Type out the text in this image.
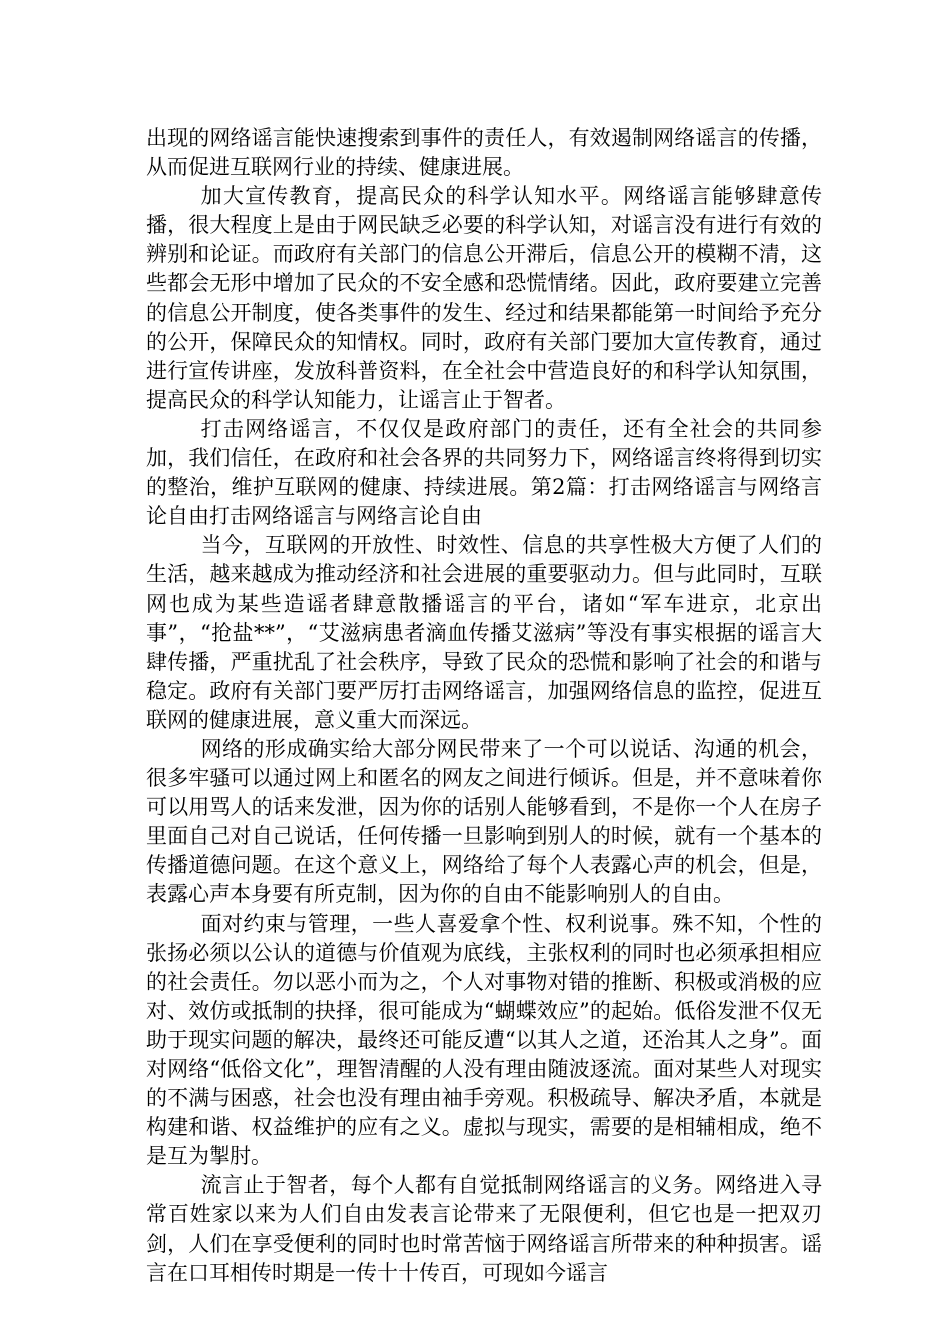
出现的网络谣言能快速搜索到事件的责任人，有效遏制网络谣言的传播，从而促进互联网行业的持续、健康进展。

加大宣传教育，提高民众的科学认知水平。网络谣言能够肆意传播，很大程度上是由于网民缺乏必要的科学认知，对谣言没有进行有效的辨别和论证。而政府有关部门的信息公开滞后，信息公开的模糊不清，这些都会无形中增加了民众的不安全感和恐慌情绪。因此，政府要建立完善的信息公开制度，使各类事件的发生、经过和结果都能第一时间给予充分的公开，保障民众的知情权。同时，政府有关部门要加大宣传教育，通过进行宣传讲座，发放科普资料，在全社会中营造良好的和科学认知氛围，提高民众的科学认知能力，让谣言止于智者。

打击网络谣言，不仅仅是政府部门的责任，还有全社会的共同参加，我们信任，在政府和社会各界的共同努力下，网络谣言终将得到切实的整治，维护互联网的健康、持续进展。第2篇：打击网络谣言与网络言论自由打击网络谣言与网络言论自由

当今，互联网的开放性、时效性、信息的共享性极大方便了人们的生活，越来越成为推动经济和社会进展的重要驱动力。但与此同时，互联网也成为某些造谣者肆意散播谣言的平台，诸如“军车进京，北京出事”，“抢盐**”，“艾滋病患者滴血传播艾滋病”等没有事实根据的谣言大肆传播，严重扰乱了社会秩序，导致了民众的恐慌和影响了社会的和谐与稳定。政府有关部门要严厉打击网络谣言，加强网络信息的监控，促进互联网的健康进展，意义重大而深远。

网络的形成确实给大部分网民带来了一个可以说话、沟通的机会，很多牢骚可以通过网上和匿名的网友之间进行倾诉。但是，并不意味着你可以用骂人的话来发泄，因为你的话别人能够看到，不是你一个人在房子里面自己对自己说话，任何传播一旦影响到别人的时候，就有一个基本的传播道德问题。在这个意义上，网络给了每个人表露心声的机会，但是，表露心声本身要有所克制，因为你的自由不能影响别人的自由。

面对约束与管理，一些人喜爱拿个性、权利说事。殊不知，个性的张扬必须以公认的道德与价值观为底线，主张权利的同时也必须承担相应的社会责任。勿以恶小而为之，个人对事物对错的推断、积极或消极的应对、效仿或抵制的抉择，很可能成为“蝴蝶效应”的起始。低俗发泄不仅无助于现实问题的解决，最终还可能反遭“以其人之道，还治其人之身”。面对网络“低俗文化”，理智清醒的人没有理由随波逐流。面对某些人对现实的不满与困惑，社会也没有理由袖手旁观。积极疏导、解决矛盾，本就是构建和谐、权益维护的应有之义。虚拟与现实，需要的是相辅相成，绝不是互为掣肘。

流言止于智者，每个人都有自觉抵制网络谣言的义务。网络进入寻常百姓家以来为人们自由发表言论带来了无限便利，但它也是一把双刃剑，人们在享受便利的同时也时常苦恼于网络谣言所带来的种种损害。谣言在口耳相传时期是一传十十传百，可现如今谣言
